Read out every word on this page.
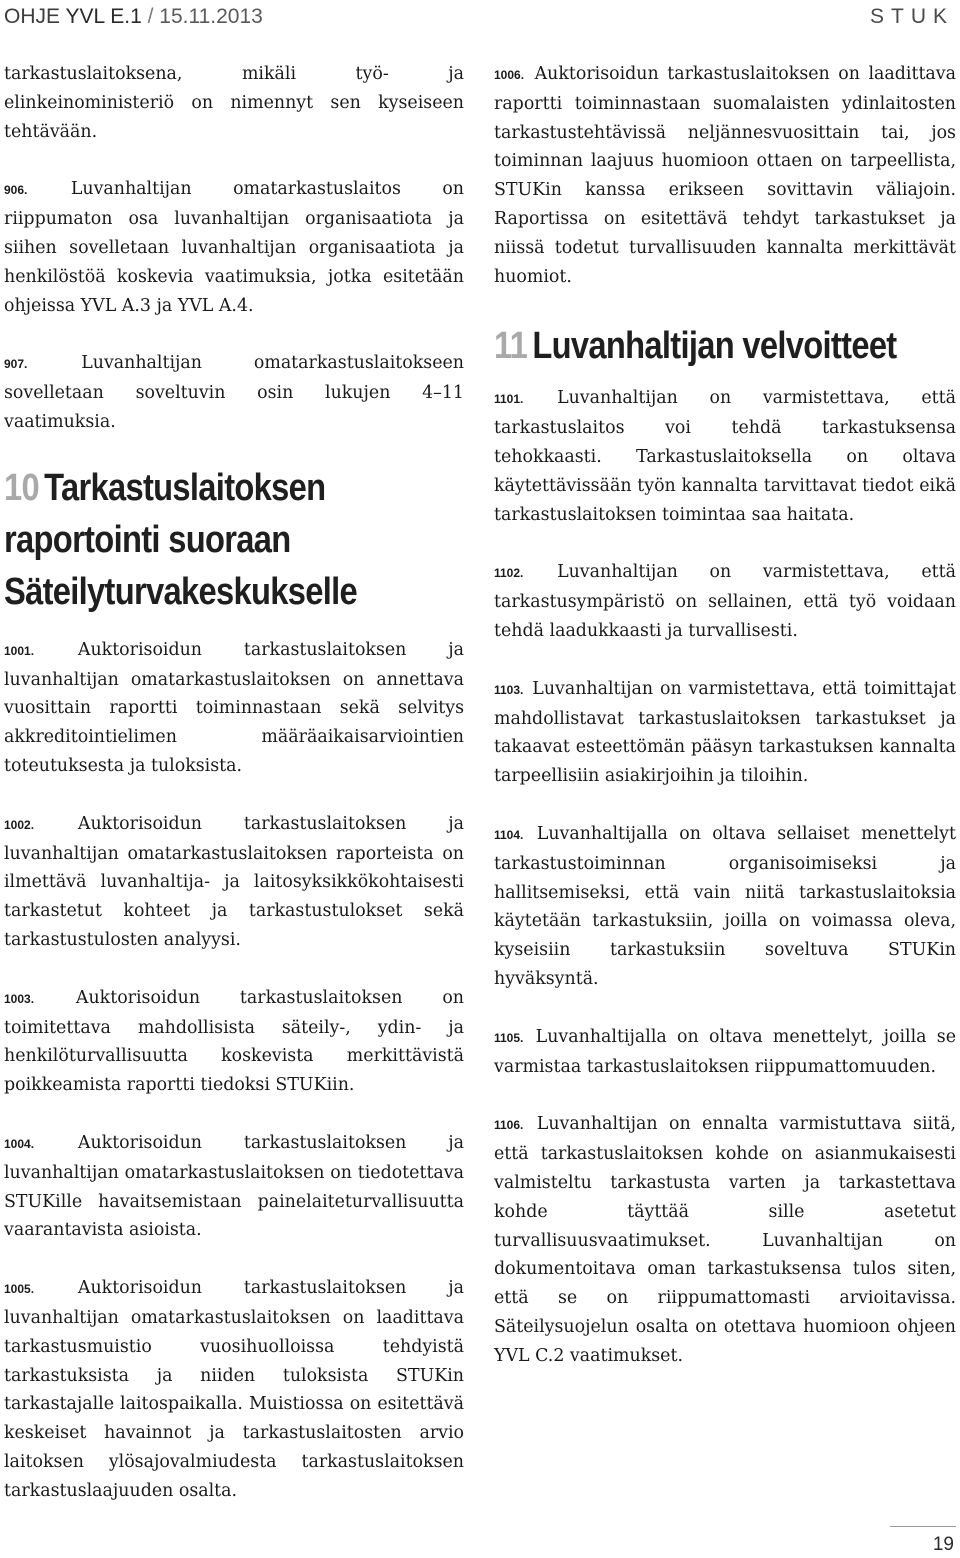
OHJE YVL E.1 / 15.11.2013	STUK

tarkastuslaitoksena, mikäli työ- ja elinkeinoministeriö on nimennyt sen kyseiseen tehtävään.

906. Luvanhaltijan omatarkastuslaitos on riippumaton osa luvanhaltijan organisaatiota ja siihen sovelletaan luvanhaltijan organisaatiota ja henkilöstöä koskevia vaatimuksia, jotka esitetään ohjeissa YVL A.3 ja YVL A.4.

907.	Luvanhaltijan omatarkastuslaitokseen sovelletaan soveltuvin osin lukujen 4–11 vaatimuksia.

10 Tarkastuslaitoksen raportointi suoraan Säteilyturvakeskukselle

1001.	Auktorisoidun tarkastuslaitoksen ja luvanhaltijan omatarkastuslaitoksen on annettava vuosittain raportti toiminnastaan sekä selvitys akkreditointielimen määräaikaisarviointien toteutuksesta ja tuloksista.

1002.	Auktorisoidun tarkastuslaitoksen ja luvanhaltijan omatarkastuslaitoksen raporteista on ilmettävä luvanhaltija- ja laitosyksikkökohtaisesti tarkastetut kohteet ja tarkastustulokset sekä tarkastustulosten analyysi.

1003. Auktorisoidun tarkastuslaitoksen on toimitettava mahdollisista säteily-, ydin- ja henkilöturvallisuutta koskevista merkittävistä poikkeamista raportti tiedoksi STUKiin.

1004.	Auktorisoidun tarkastuslaitoksen ja luvanhaltijan omatarkastuslaitoksen on tiedotettava STUKille havaitsemistaan painelaiteturvallisuutta vaarantavista asioista.

1005.	Auktorisoidun tarkastuslaitoksen ja luvanhaltijan omatarkastuslaitoksen on laadittava tarkastusmuistio vuosihuolloissa tehdyistä tarkastuksista ja niiden tuloksista STUKin tarkastajalle laitospaikalla. Muistiossa on esitettävä keskeiset havainnot ja tarkastuslaitosten arvio laitoksen ylösajovalmiudesta tarkastuslaitoksen tarkastuslaajuuden osalta.

1006. Auktorisoidun tarkastuslaitoksen on laadittava raportti toiminnastaan suomalaisten ydinlaitosten tarkastustehtävissä neljännesvuosittain tai, jos toiminnan laajuus huomioon ottaen on tarpeellista, STUKin kanssa erikseen sovittavin väliajoin. Raportissa on esitettävä tehdyt tarkastukset ja niissä todetut turvallisuuden kannalta merkittävät huomiot.

11 Luvanhaltijan velvoitteet

1101. Luvanhaltijan on varmistettava, että tarkastuslaitos voi tehdä tarkastuksensa tehokkaasti. Tarkastuslaitoksella on oltava käytettävissään työn kannalta tarvittavat tiedot eikä tarkastuslaitoksen toimintaa saa haitata.

1102. Luvanhaltijan on varmistettava, että tarkastusympäristö on sellainen, että työ voidaan tehdä laadukkaasti ja turvallisesti.

1103. Luvanhaltijan on varmistettava, että toimittajat mahdollistavat tarkastuslaitoksen tarkastukset ja takaavat esteettömän pääsyn tarkastuksen kannalta tarpeellisiin asiakirjoihin ja tiloihin.

1104. Luvanhaltijalla on oltava sellaiset menettelyt tarkastustoiminnan organisoimiseksi ja hallitsemiseksi, että vain niitä tarkastuslaitoksia käytetään tarkastuksiin, joilla on voimassa oleva, kyseisiin tarkastuksiin soveltuva STUKin hyväksyntä.

1105. Luvanhaltijalla on oltava menettelyt, joilla se varmistaa tarkastuslaitoksen riippumattomuuden.

1106. Luvanhaltijan on ennalta varmistuttava siitä, että tarkastuslaitoksen kohde on asianmukaisesti valmisteltu tarkastusta varten ja tarkastettava kohde täyttää sille asetetut turvallisuusvaatimukset. Luvanhaltijan on dokumentoitava oman tarkastuksensa tulos siten, että se on riippumattomasti arvioitavissa. Säteilysuojelun osalta on otettava huomioon ohjeen YVL C.2 vaatimukset.

19
